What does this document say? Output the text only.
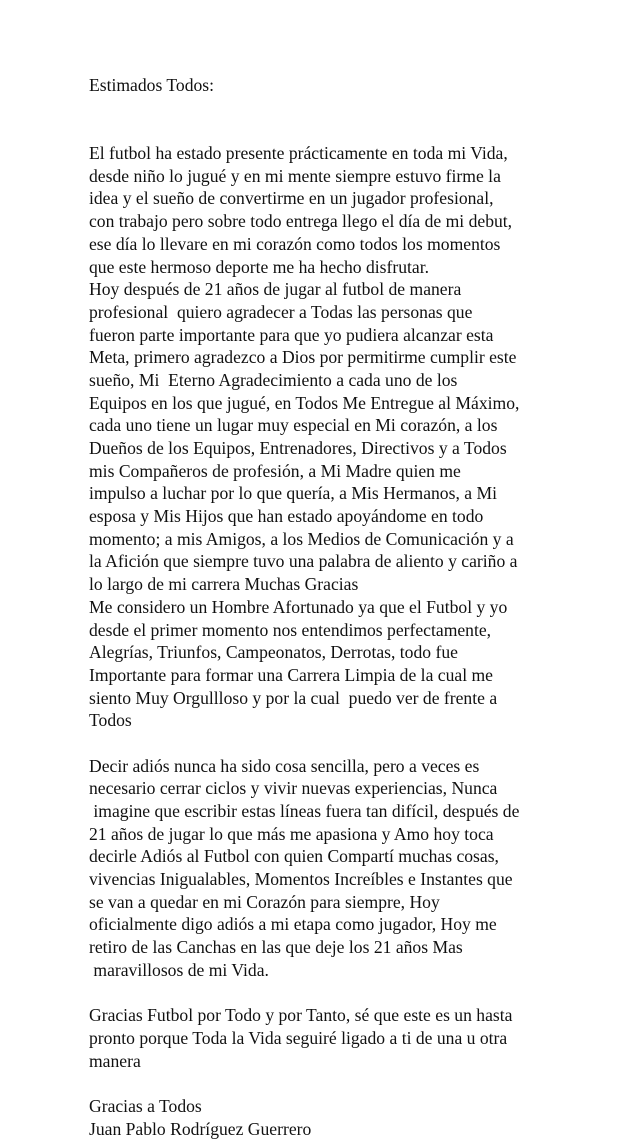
Estimados Todos:
El futbol ha estado presente prácticamente en toda mi Vida,
desde niño lo jugué y en mi mente siempre estuvo firme la
idea y el sueño de convertirme en un jugador profesional,
con trabajo pero sobre todo entrega llego el día de mi debut,
ese día lo llevare en mi corazón como todos los momentos
que este hermoso deporte me ha hecho disfrutar.
Hoy después de 21 años de jugar al futbol de manera
profesional  quiero agradecer a Todas las personas que
fueron parte importante para que yo pudiera alcanzar esta
Meta, primero agradezco a Dios por permitirme cumplir este
sueño, Mi  Eterno Agradecimiento a cada uno de los
Equipos en los que jugué, en Todos Me Entregue al Máximo,
cada uno tiene un lugar muy especial en Mi corazón, a los
Dueños de los Equipos, Entrenadores, Directivos y a Todos
mis Compañeros de profesión, a Mi Madre quien me
impulso a luchar por lo que quería, a Mis Hermanos, a Mi
esposa y Mis Hijos que han estado apoyándome en todo
momento; a mis Amigos, a los Medios de Comunicación y a
la Afición que siempre tuvo una palabra de aliento y cariño a
lo largo de mi carrera Muchas Gracias
Me considero un Hombre Afortunado ya que el Futbol y yo
desde el primer momento nos entendimos perfectamente,
Alegrías, Triunfos, Campeonatos, Derrotas, todo fue
Importante para formar una Carrera Limpia de la cual me
siento Muy Orgullloso y por la cual  puedo ver de frente a
Todos
Decir adiós nunca ha sido cosa sencilla, pero a veces es
necesario cerrar ciclos y vivir nuevas experiencias, Nunca
imagine que escribir estas líneas fuera tan difícil, después de
21 años de jugar lo que más me apasiona y Amo hoy toca
decirle Adiós al Futbol con quien Compartí muchas cosas,
vivencias Inigualables, Momentos Increíbles e Instantes que
se van a quedar en mi Corazón para siempre, Hoy
oficialmente digo adiós a mi etapa como jugador, Hoy me
retiro de las Canchas en las que deje los 21 años Mas
maravillosos de mi Vida.
Gracias Futbol por Todo y por Tanto, sé que este es un hasta
pronto porque Toda la Vida seguiré ligado a ti de una u otra
manera
Gracias a Todos
Juan Pablo Rodríguez Guerrero
